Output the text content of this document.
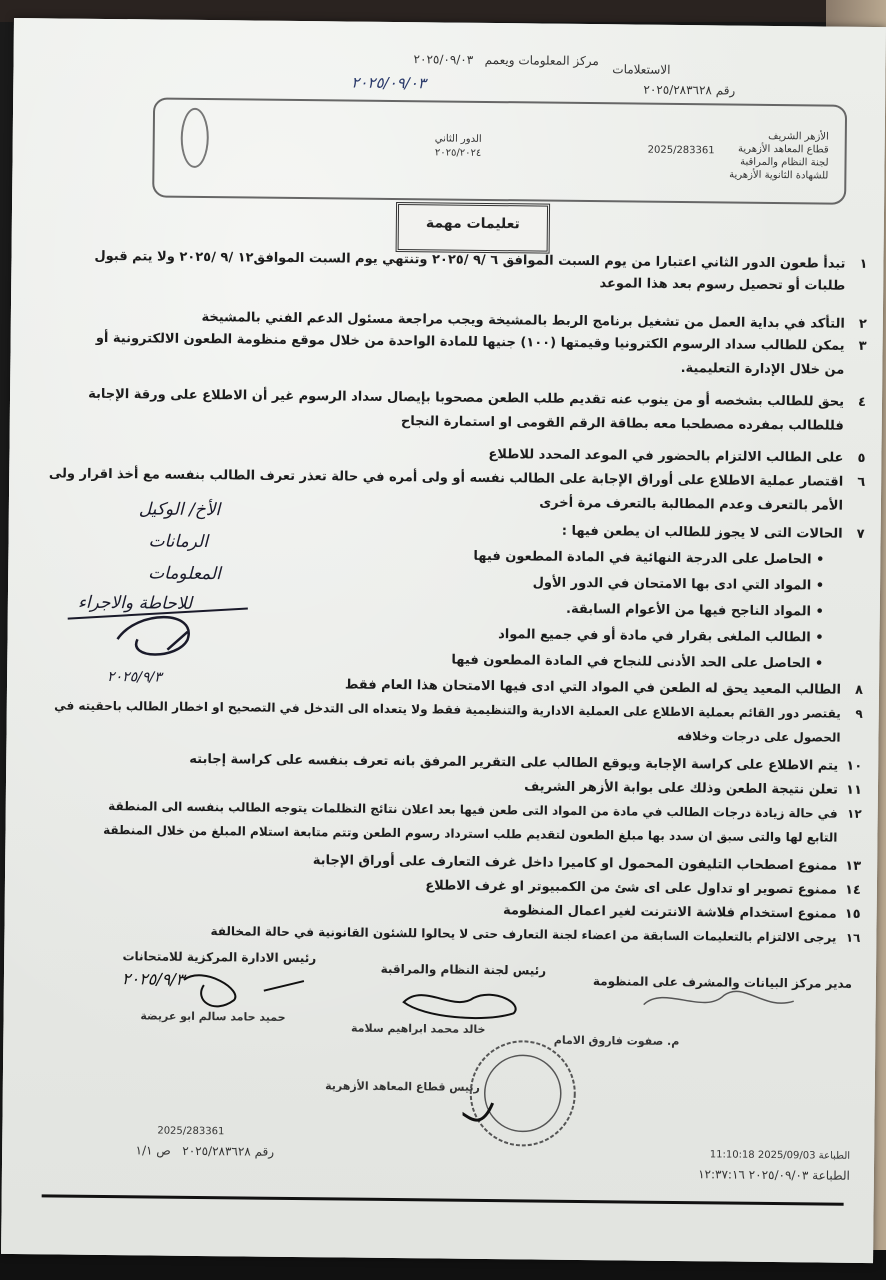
مركز المعلومات ويعمم   ٢٠٢٥/٠٩/٠٣
٢٠٢٥/٠٩/٠٣
الاستعلامات
رقم ٢٠٢٥/٢٨٣٦٢٨
الأزهر الشريف
قطاع المعاهد الأزهرية
لجنة النظام والمراقبة
للشهادة الثانوية الأزهرية
2025/283361
الدور الثاني
٢٠٢٥/٢٠٢٤
تعليمات مهمة
١
تبدأ طعون الدور الثاني اعتبارا من يوم السبت الموافق ٦ /٩ /٢٠٢٥ وتنتهي يوم السبت الموافق١٢ /٩ /٢٠٢٥ ولا يتم قبول
طلبات أو تحصيل رسوم بعد هذا الموعد
٢
التأكد في بداية العمل من تشغيل برنامج الربط بالمشيخة ويجب مراجعة مسئول الدعم الفني بالمشيخة
٣
يمكن للطالب سداد الرسوم الكترونيا وقيمتها (١٠٠) جنيها للمادة الواحدة من خلال موقع منظومة الطعون الالكترونية أو
من خلال الإدارة التعليمية.
٤
يحق للطالب بشخصه أو من ينوب عنه تقديم طلب الطعن مصحوبا بإيصال سداد الرسوم غير أن الاطلاع على ورقة الإجابة
فللطالب بمفرده مصطحبا معه بطاقة الرقم القومى او استمارة النجاح
٥
على الطالب الالتزام بالحضور في الموعد المحدد للاطلاع
٦
اقتصار عملية الاطلاع على أوراق الإجابة على الطالب نفسه أو ولى أمره في حالة تعذر تعرف الطالب بنفسه مع أخذ اقرار ولى
الأمر بالتعرف وعدم المطالبة بالتعرف مرة أخرى
٧
الحالات التى لا يجوز للطالب ان يطعن فيها :
• الحاصل على الدرجة النهائية في المادة المطعون فيها
• المواد التي ادى بها الامتحان في الدور الأول
• المواد الناجح فيها من الأعوام السابقة.
• الطالب الملغى بقرار في مادة أو في جميع المواد
• الحاصل على الحد الأدنى للنجاح في المادة المطعون فيها
٨
الطالب المعيد يحق له الطعن في المواد التي ادى فيها الامتحان هذا العام فقط
٩
يقتصر دور القائم بعملية الاطلاع على العملية الادارية والتنظيمية فقط ولا يتعداه الى التدخل في التصحيح او اخطار الطالب باحقيته في
الحصول على درجات وخلافه
١٠
يتم الاطلاع على كراسة الإجابة ويوقع الطالب على التقرير المرفق بانه تعرف بنفسه على كراسة إجابته
١١
تعلن نتيجة الطعن وذلك على بوابة الأزهر الشريف
١٢
في حالة زيادة درجات الطالب في مادة من المواد التى طعن فيها بعد اعلان نتائج التظلمات يتوجه الطالب بنفسه الى المنطقة
التابع لها والتى سبق ان سدد بها مبلغ الطعون لتقديم طلب استرداد رسوم الطعن وتتم متابعة استلام المبلغ من خلال المنطقة
١٣
ممنوع اصطحاب التليفون المحمول او كاميرا داخل غرف التعارف على أوراق الإجابة
١٤
ممنوع تصوير او تداول على اى شئ من الكمبيوتر او غرف الاطلاع
١٥
ممنوع استخدام فلاشة الانترنت لغير اعمال المنظومة
١٦
يرجى الالتزام بالتعليمات السابقة من اعضاء لجنة التعارف حتى لا يحالوا للشئون القانونية في حالة المخالفة
الأخ/ الوكيل
الرمانات
المعلومات
للاحاطة والاجراء
٢٠٢٥/٩/٣
مدير مركز البيانات والمشرف على المنظومة
رئيس لجنة النظام والمراقبة
رئيس الادارة المركزية للامتحانات
٢٠٢٥/٩/٣
م. صفوت فاروق الامام
خالد محمد ابراهيم سلامة
حميد حامد سالم ابو عريضة
رئيس قطاع المعاهد الأزهرية
2025/283361
رقم ٢٠٢٥/٢٨٣٦٢٨   ص ١/١	الطباعة 2025/09/03 11:10:18
الطباعة ٢٠٢٥/٠٩/٠٣ ١٢:٣٧:١٦
